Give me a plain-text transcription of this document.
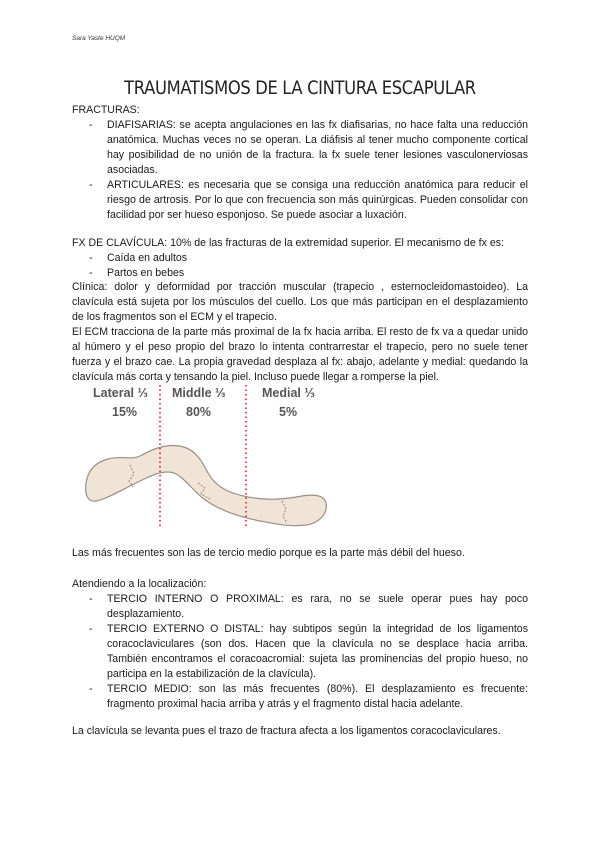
Sara Yaste HUQM
TRAUMATISMOS DE LA CINTURA ESCAPULAR
FRACTURAS:
- DIAFISARIAS: se acepta angulaciones en las fx diafisarias, no hace falta una reducción anatómica. Muchas veces no se operan. La diáfisis al tener mucho componente cortical hay posibilidad de no unión de la fractura. la fx suele tener lesiones vasculonerviosas asociadas.
- ARTICULARES: es necesaria que se consiga una reducción anatómica para reducir el riesgo de artrosis. Por lo que con frecuencia son más quirúrgicas. Pueden consolidar con facilidad por ser hueso esponjoso. Se puede asociar a luxación.
FX DE CLAVÍCULA: 10% de las fracturas de la extremidad superior. El mecanismo de fx es:
- Caída en adultos
- Partos en bebes
Clínica: dolor y deformidad por tracción muscular (trapecio , esternocleidomastoideo). La clavícula está sujeta por los músculos del cuello. Los que más participan en el desplazamiento de los fragmentos son el ECM y el trapecio.
El ECM tracciona de la parte más proximal de la fx hacia arriba. El resto de fx va a quedar unido al húmero y el peso propio del brazo lo intenta contrarrestar el trapecio, pero no suele tener fuerza y el brazo cae. La propia gravedad desplaza al fx: abajo, adelante y medial: quedando la clavícula más corta y tensando la piel. Incluso puede llegar a romperse la piel.
Lateral ⅓
15%
Middle ⅓
80%
Medial ⅓
5%
Las más frecuentes son las de tercio medio porque es la parte más débil del hueso.
Atendiendo a la localización:
- TERCIO INTERNO O PROXIMAL: es rara, no se suele operar pues hay poco desplazamiento.
- TERCIO EXTERNO O DISTAL: hay subtipos según la integridad de los ligamentos coracoclaviculares (son dos. Hacen que la clavícula no se desplace hacia arriba. También encontramos el coracoacromial: sujeta las prominencias del propio hueso, no participa en la estabilización de la clavícula).
- TERCIO MEDIO: son las más frecuentes (80%). El desplazamiento es frecuente: fragmento proximal hacia arriba y atrás y el fragmento distal hacia adelante.
La clavícula se levanta pues el trazo de fractura afecta a los ligamentos coracoclaviculares.
